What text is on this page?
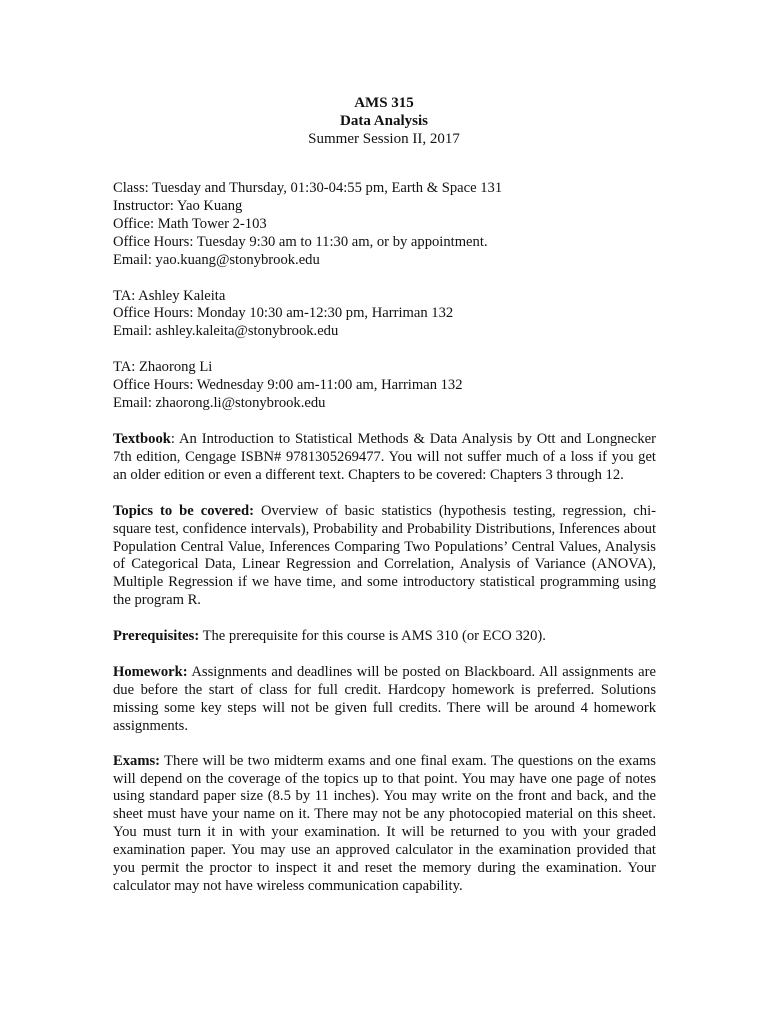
AMS 315
Data Analysis
Summer Session II, 2017
Class: Tuesday and Thursday, 01:30-04:55 pm, Earth & Space 131
Instructor: Yao Kuang
Office: Math Tower 2-103
Office Hours: Tuesday 9:30 am to 11:30 am, or by appointment.
Email: yao.kuang@stonybrook.edu
TA: Ashley Kaleita
Office Hours: Monday 10:30 am-12:30 pm, Harriman 132
Email: ashley.kaleita@stonybrook.edu
TA: Zhaorong Li
Office Hours: Wednesday 9:00 am-11:00 am, Harriman 132
Email: zhaorong.li@stonybrook.edu

Textbook: An Introduction to Statistical Methods & Data Analysis by Ott and Longnecker 7th edition, Cengage ISBN# 9781305269477. You will not suffer much of a loss if you get an older edition or even a different text. Chapters to be covered: Chapters 3 through 12.

Topics to be covered: Overview of basic statistics (hypothesis testing, regression, chi-square test, confidence intervals), Probability and Probability Distributions, Inferences about Population Central Value, Inferences Comparing Two Populations’ Central Values, Analysis of Categorical Data, Linear Regression and Correlation, Analysis of Variance (ANOVA), Multiple Regression if we have time, and some introductory statistical programming using the program R.

Prerequisites: The prerequisite for this course is AMS 310 (or ECO 320).

Homework: Assignments and deadlines will be posted on Blackboard. All assignments are due before the start of class for full credit. Hardcopy homework is preferred. Solutions missing some key steps will not be given full credits. There will be around 4 homework assignments.

Exams: There will be two midterm exams and one final exam. The questions on the exams will depend on the coverage of the topics up to that point. You may have one page of notes using standard paper size (8.5 by 11 inches). You may write on the front and back, and the sheet must have your name on it. There may not be any photocopied material on this sheet. You must turn it in with your examination. It will be returned to you with your graded examination paper. You may use an approved calculator in the examination provided that you permit the proctor to inspect it and reset the memory during the examination. Your calculator may not have wireless communication capability.
